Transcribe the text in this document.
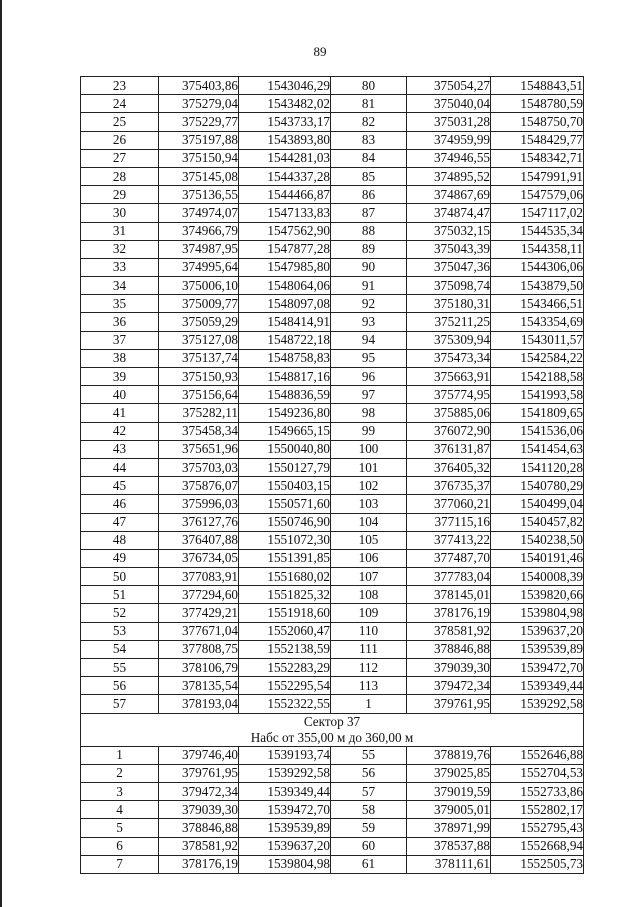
89
23	375403,86	1543046,29	80	375054,27	1548843,51
24	375279,04	1543482,02	81	375040,04	1548780,59
25	375229,77	1543733,17	82	375031,28	1548750,70
26	375197,88	1543893,80	83	374959,99	1548429,77
27	375150,94	1544281,03	84	374946,55	1548342,71
28	375145,08	1544337,28	85	374895,52	1547991,91
29	375136,55	1544466,87	86	374867,69	1547579,06
30	374974,07	1547133,83	87	374874,47	1547117,02
31	374966,79	1547562,90	88	375032,15	1544535,34
32	374987,95	1547877,28	89	375043,39	1544358,11
33	374995,64	1547985,80	90	375047,36	1544306,06
34	375006,10	1548064,06	91	375098,74	1543879,50
35	375009,77	1548097,08	92	375180,31	1543466,51
36	375059,29	1548414,91	93	375211,25	1543354,69
37	375127,08	1548722,18	94	375309,94	1543011,57
38	375137,74	1548758,83	95	375473,34	1542584,22
39	375150,93	1548817,16	96	375663,91	1542188,58
40	375156,64	1548836,59	97	375774,95	1541993,58
41	375282,11	1549236,80	98	375885,06	1541809,65
42	375458,34	1549665,15	99	376072,90	1541536,06
43	375651,96	1550040,80	100	376131,87	1541454,63
44	375703,03	1550127,79	101	376405,32	1541120,28
45	375876,07	1550403,15	102	376735,37	1540780,29
46	375996,03	1550571,60	103	377060,21	1540499,04
47	376127,76	1550746,90	104	377115,16	1540457,82
48	376407,88	1551072,30	105	377413,22	1540238,50
49	376734,05	1551391,85	106	377487,70	1540191,46
50	377083,91	1551680,02	107	377783,04	1540008,39
51	377294,60	1551825,32	108	378145,01	1539820,66
52	377429,21	1551918,60	109	378176,19	1539804,98
53	377671,04	1552060,47	110	378581,92	1539637,20
54	377808,75	1552138,59	111	378846,88	1539539,89
55	378106,79	1552283,29	112	379039,30	1539472,70
56	378135,54	1552295,54	113	379472,34	1539349,44
57	378193,04	1552322,55	1	379761,95	1539292,58

Сектор 37
Набс от 355,00 м до 360,00 м					

1	379746,40	1539193,74	55	378819,76	1552646,88
2	379761,95	1539292,58	56	379025,85	1552704,53
3	379472,34	1539349,44	57	379019,59	1552733,86
4	379039,30	1539472,70	58	379005,01	1552802,17
5	378846,88	1539539,89	59	378971,99	1552795,43
6	378581,92	1539637,20	60	378537,88	1552668,94
7	378176,19	1539804,98	61	378111,61	1552505,73
